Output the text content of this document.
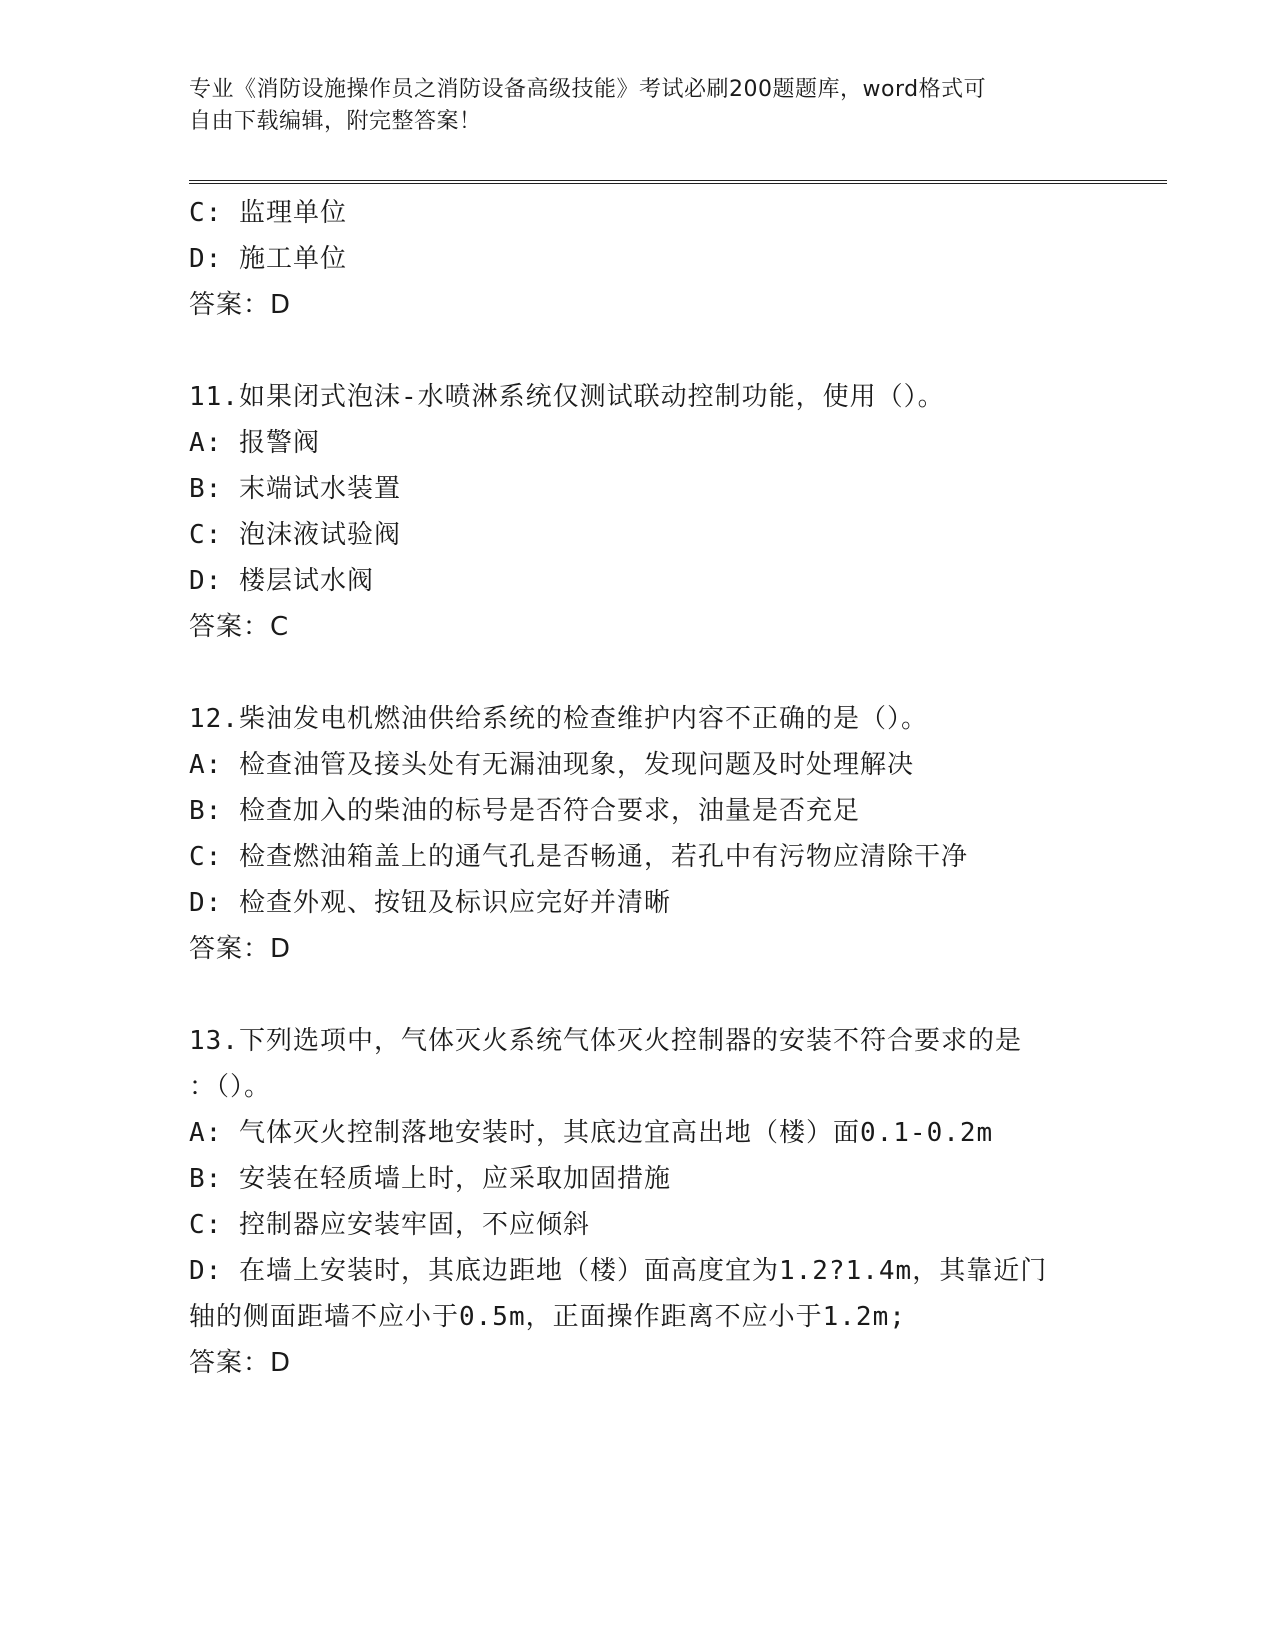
专业《消防设施操作员之消防设备高级技能》考试必刷200题题库，word格式可
自由下载编辑，附完整答案！
C: 监理单位
D: 施工单位
答案：D
11.如果闭式泡沫-水喷淋系统仅测试联动控制功能，使用（）。
A: 报警阀
B: 末端试水装置
C: 泡沫液试验阀
D: 楼层试水阀
答案：C
12.柴油发电机燃油供给系统的检查维护内容不正确的是（）。
A: 检查油管及接头处有无漏油现象，发现问题及时处理解决
B: 检查加入的柴油的标号是否符合要求，油量是否充足
C: 检查燃油箱盖上的通气孔是否畅通，若孔中有污物应清除干净
D: 检查外观、按钮及标识应完好并清晰
答案：D
13.下列选项中，气体灭火系统气体灭火控制器的安装不符合要求的是
：（）。
A: 气体灭火控制落地安装时，其底边宜高出地（楼）面0.1-0.2m
B: 安装在轻质墙上时，应采取加固措施
C: 控制器应安装牢固，不应倾斜
D: 在墙上安装时，其底边距地（楼）面高度宜为1.2?1.4m，其靠近门
轴的侧面距墙不应小于0.5m，正面操作距离不应小于1.2m;
答案：D
